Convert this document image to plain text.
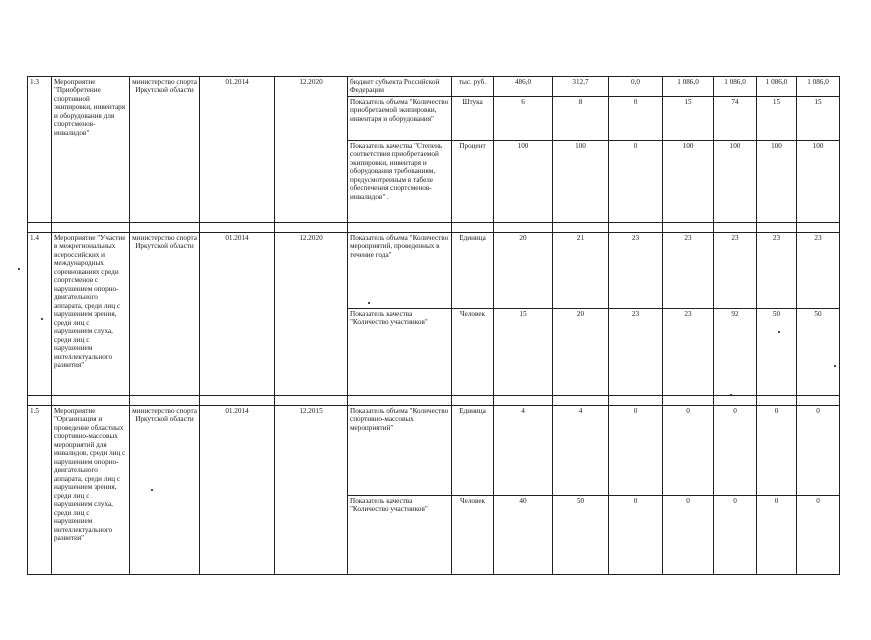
1.3	Мероприятие "Приобретение спортивной экипировки, инвентаря и оборудования для спортсменов-инвалидов"	министерство спорта Иркутской области	01.2014	12.2020	бюджет субъекта Российской Федерации	тыс. руб.	486,0	312,7	0,0	1 086,0	1 086,0	1 086,0	1 086,0
					Показатель объема "Количество приобретаемой экипировки, инвентаря и оборудования"	Штука	6	8	0	15	74	15	15
					Показатель качества "Степень соответствия приобретаемой экипировки, инвентаря и оборудования требованиям, предусмотренным в табеле обеспечения спортсменов-инвалидов" .	Процент	100	100	0	100	100	100	100

1.4	Мероприятие "Участие в межрегиональных всероссийских и международных соревнованиях среди спортсменов с нарушением опорно-двигательного аппарата, среди лиц с нарушением зрения, среди лиц с нарушением слуха, среди лиц с нарушением интеллектуального развития"	министерство спорта Иркутской области	01.2014	12.2020	Показатель объема "Количество мероприятий, проведенных в течение года"	Единица	20	21	23	23	23	23	23
					Показатель качества "Количество участников"	Человек	15	20	23	23	92	50	50

1.5	Мероприятие "Организация и проведение областных спортивно-массовых мероприятий для инвалидов, среди лиц с нарушением опорно-двигательного аппарата, среди лиц с нарушением зрения, среди лиц с нарушением слуха, среди лиц с нарушением интеллектуального развития"	министерство спорта Иркутской области	01.2014	12.2015	Показатель объема "Количество спортивно-массовых мероприятий"	Единица	4	4	0	0	0	0	0
					Показатель качества "Количество участников"	Человек	40	50	0	0	0	0	0
